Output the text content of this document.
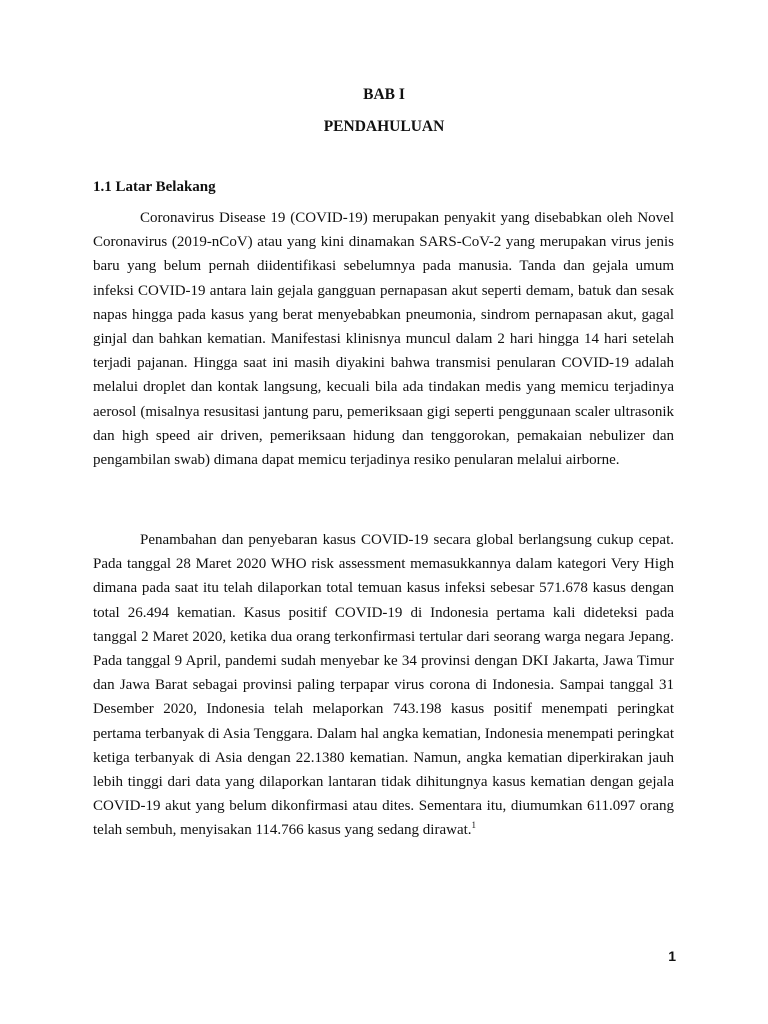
BAB I
PENDAHULUAN
1.1 Latar Belakang

Coronavirus Disease 19 (COVID-19) merupakan penyakit yang disebabkan oleh Novel Coronavirus (2019-nCoV) atau yang kini dinamakan SARS-CoV-2 yang merupakan virus jenis baru yang belum pernah diidentifikasi sebelumnya pada manusia. Tanda dan gejala umum infeksi COVID-19 antara lain gejala gangguan pernapasan akut seperti demam, batuk dan sesak napas hingga pada kasus yang berat menyebabkan pneumonia, sindrom pernapasan akut, gagal ginjal dan bahkan kematian. Manifestasi klinisnya muncul dalam 2 hari hingga 14 hari setelah terjadi pajanan. Hingga saat ini masih diyakini bahwa transmisi penularan COVID-19 adalah melalui droplet dan kontak langsung, kecuali bila ada tindakan medis yang memicu terjadinya aerosol (misalnya resusitasi jantung paru, pemeriksaan gigi seperti penggunaan scaler ultrasonik dan high speed air driven, pemeriksaan hidung dan tenggorokan, pemakaian nebulizer dan pengambilan swab) dimana dapat memicu terjadinya resiko penularan melalui airborne.

Penambahan dan penyebaran kasus COVID-19 secara global berlangsung cukup cepat. Pada tanggal 28 Maret 2020 WHO risk assessment memasukkannya dalam kategori Very High dimana pada saat itu telah dilaporkan total temuan kasus infeksi sebesar 571.678 kasus dengan total 26.494 kematian. Kasus positif COVID-19 di Indonesia pertama kali dideteksi pada tanggal 2 Maret 2020, ketika dua orang terkonfirmasi tertular dari seorang warga negara Jepang. Pada tanggal 9 April, pandemi sudah menyebar ke 34 provinsi dengan DKI Jakarta, Jawa Timur dan Jawa Barat sebagai provinsi paling terpapar virus corona di Indonesia. Sampai tanggal 31 Desember 2020, Indonesia telah melaporkan 743.198 kasus positif menempati peringkat pertama terbanyak di Asia Tenggara. Dalam hal angka kematian, Indonesia menempati peringkat ketiga terbanyak di Asia dengan 22.1380 kematian. Namun, angka kematian diperkirakan jauh lebih tinggi dari data yang dilaporkan lantaran tidak dihitungnya kasus kematian dengan gejala COVID-19 akut yang belum dikonfirmasi atau dites. Sementara itu, diumumkan 611.097 orang telah sembuh, menyisakan 114.766 kasus yang sedang dirawat.$^1$

1
